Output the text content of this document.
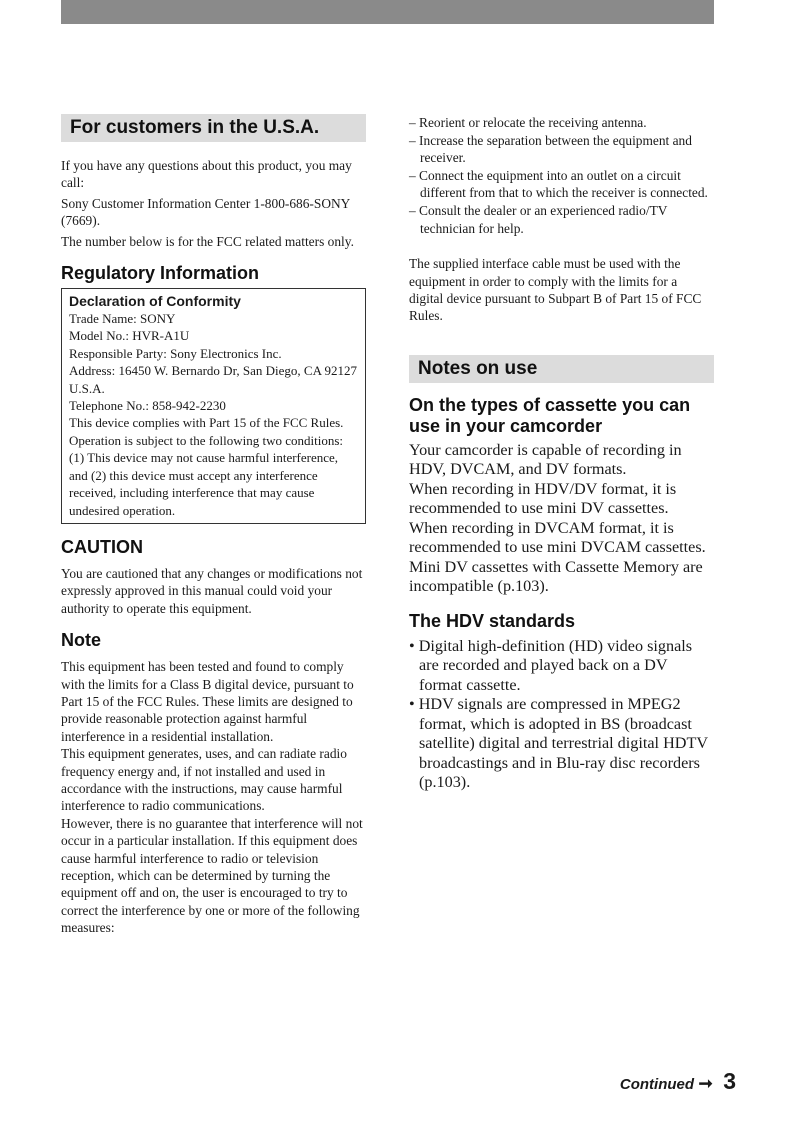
For customers in the U.S.A.

If you have any questions about this product, you may call:

Sony Customer Information Center 1-800-686-SONY (7669).

The number below is for the FCC related matters only.

Regulatory Information
Declaration of Conformity

Trade Name: SONY

Model No.: HVR-A1U

Responsible Party: Sony Electronics Inc.

Address: 16450 W. Bernardo Dr, San Diego, CA 92127 U.S.A.

Telephone No.: 858-942-2230

This device complies with Part 15 of the FCC Rules.

Operation is subject to the following two conditions:

(1) This device may not cause harmful interference, and (2) this device must accept any interference received, including interference that may cause undesired operation.

CAUTION

You are cautioned that any changes or modifications not expressly approved in this manual could void your authority to operate this equipment.

Note

This equipment has been tested and found to comply with the limits for a Class B digital device, pursuant to Part 15 of the FCC Rules. These limits are designed to provide reasonable protection against harmful interference in a residential installation.

This equipment generates, uses, and can radiate radio frequency energy and, if not installed and used in accordance with the instructions, may cause harmful interference to radio communications.

However, there is no guarantee that interference will not occur in a particular installation. If this equipment does cause harmful interference to radio or television reception, which can be determined by turning the equipment off and on, the user is encouraged to try to correct the interference by one or more of the following measures:

– Reorient or relocate the receiving antenna.
– Increase the separation between the equipment and receiver.
– Connect the equipment into an outlet on a circuit different from that to which the receiver is connected.
– Consult the dealer or an experienced radio/TV technician for help.

The supplied interface cable must be used with the equipment in order to comply with the limits for a digital device pursuant to Subpart B of Part 15 of FCC Rules.

Notes on use
On the types of cassette you can use in your camcorder

Your camcorder is capable of recording in HDV, DVCAM, and DV formats.

When recording in HDV/DV format, it is recommended to use mini DV cassettes.

When recording in DVCAM format, it is recommended to use mini DVCAM cassettes.

Mini DV cassettes with Cassette Memory are incompatible (p.103).

The HDV standards
• Digital high-definition (HD) video signals are recorded and played back on a DV format cassette.
• HDV signals are compressed in MPEG2 format, which is adopted in BS (broadcast satellite) digital and terrestrial digital HDTV broadcastings and in Blu-ray disc recorders (p.103).
Continued ➞ 3
